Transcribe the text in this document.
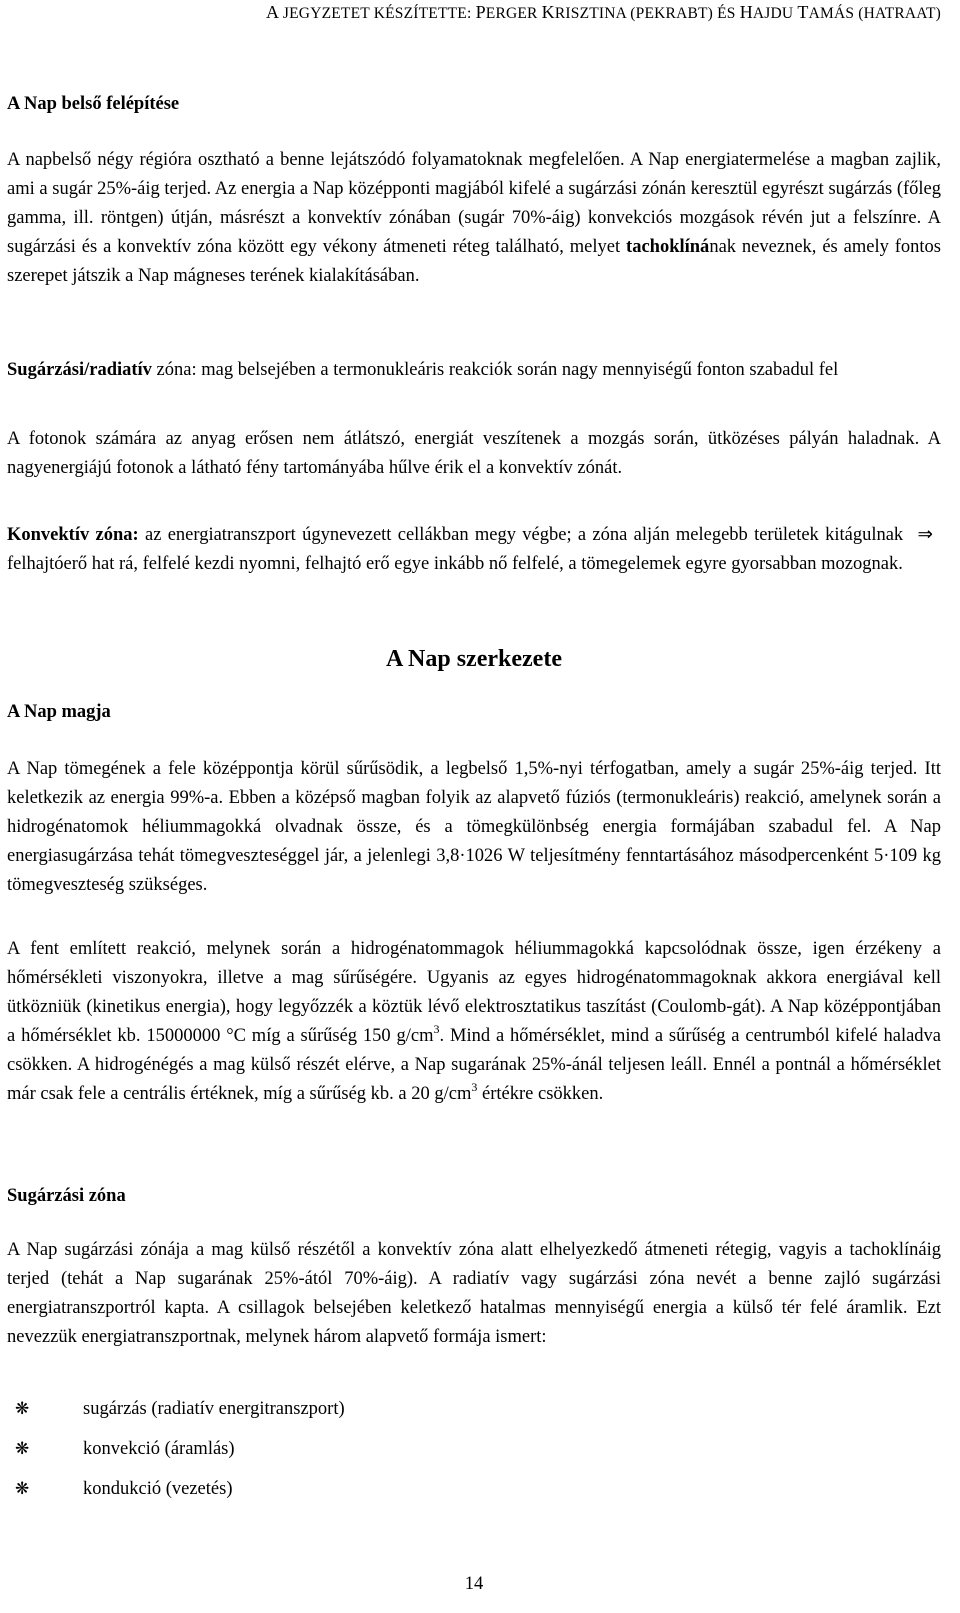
A JEGYZETET KÉSZÍTETTE: PERGER KRISZTINA (PEKRABT) ÉS HAJDU TAMÁS (HATRAAT)
A Nap belső felépítése

A napbelső négy régióra osztható a benne lejátszódó folyamatoknak megfelelően. A Nap energiatermelése a magban zajlik, ami a sugár 25%-áig terjed. Az energia a Nap középponti magjából kifelé a sugárzási zónán keresztül egyrészt sugárzás (főleg gamma, ill. röntgen) útján, másrészt a konvektív zónában (sugár 70%-áig) konvekciós mozgások révén jut a felszínre. A sugárzási és a konvektív zóna között egy vékony átmeneti réteg található, melyet tachoklínának neveznek, és amely fontos szerepet játszik a Nap mágneses terének kialakításában.

Sugárzási/radiatív zóna: mag belsejében a termonukleáris reakciók során nagy mennyiségű fonton szabadul fel

A fotonok számára az anyag erősen nem átlátszó, energiát veszítenek a mozgás során, ütközéses pályán haladnak. A nagyenergiájú fotonok a látható fény tartományába hűlve érik el a konvektív zónát.

Konvektív zóna: az energiatranszport úgynevezett cellákban megy végbe; a zóna alján melegebb területek kitágulnak ⇒ felhajtóerő hat rá, felfelé kezdi nyomni, felhajtó erő egye inkább nő felfelé, a tömegelemek egyre gyorsabban mozognak.

A Nap szerkezete
A Nap magja

A Nap tömegének a fele középpontja körül sűrűsödik, a legbelső 1,5%-nyi térfogatban, amely a sugár 25%-áig terjed. Itt keletkezik az energia 99%-a. Ebben a középső magban folyik az alapvető fúziós (termonukleáris) reakció, amelynek során a hidrogénatomok héliummagokká olvadnak össze, és a tömegkülönbség energia formájában szabadul fel. A Nap energiasugárzása tehát tömegveszteséggel jár, a jelenlegi 3,8·1026 W teljesítmény fenntartásához másodpercenként 5·109 kg tömegveszteség szükséges.

A fent említett reakció, melynek során a hidrogénatommagok héliummagokká kapcsolódnak össze, igen érzékeny a hőmérsékleti viszonyokra, illetve a mag sűrűségére. Ugyanis az egyes hidrogénatommagoknak akkora energiával kell ütközniük (kinetikus energia), hogy legyőzzék a köztük lévő elektrosztatikus taszítást (Coulomb-gát). A Nap középpontjában a hőmérséklet kb. 15000000 °C míg a sűrűség 150 $g/cm^3$. Mind a hőmérséklet, mind a sűrűség a centrumból kifelé haladva csökken. A hidrogénégés a mag külső részét elérve, a Nap sugarának 25%-ánál teljesen leáll. Ennél a pontnál a hőmérséklet már csak fele a centrális értéknek, míg a sűrűség kb. a 20 $g/cm^3$ értékre csökken.

Sugárzási zóna

A Nap sugárzási zónája a mag külső részétől a konvektív zóna alatt elhelyezkedő átmeneti rétegig, vagyis a tachoklínáig terjed (tehát a Nap sugarának 25%-ától 70%-áig). A radiatív vagy sugárzási zóna nevét a benne zajló sugárzási energiatranszportról kapta. A csillagok belsejében keletkező hatalmas mennyiségű energia a külső tér felé áramlik. Ezt nevezzük energiatranszportnak, melynek három alapvető formája ismert:

❋	sugárzás (radiatív energitranszport)
❋	konvekció (áramlás)
❋	kondukció (vezetés)
14
